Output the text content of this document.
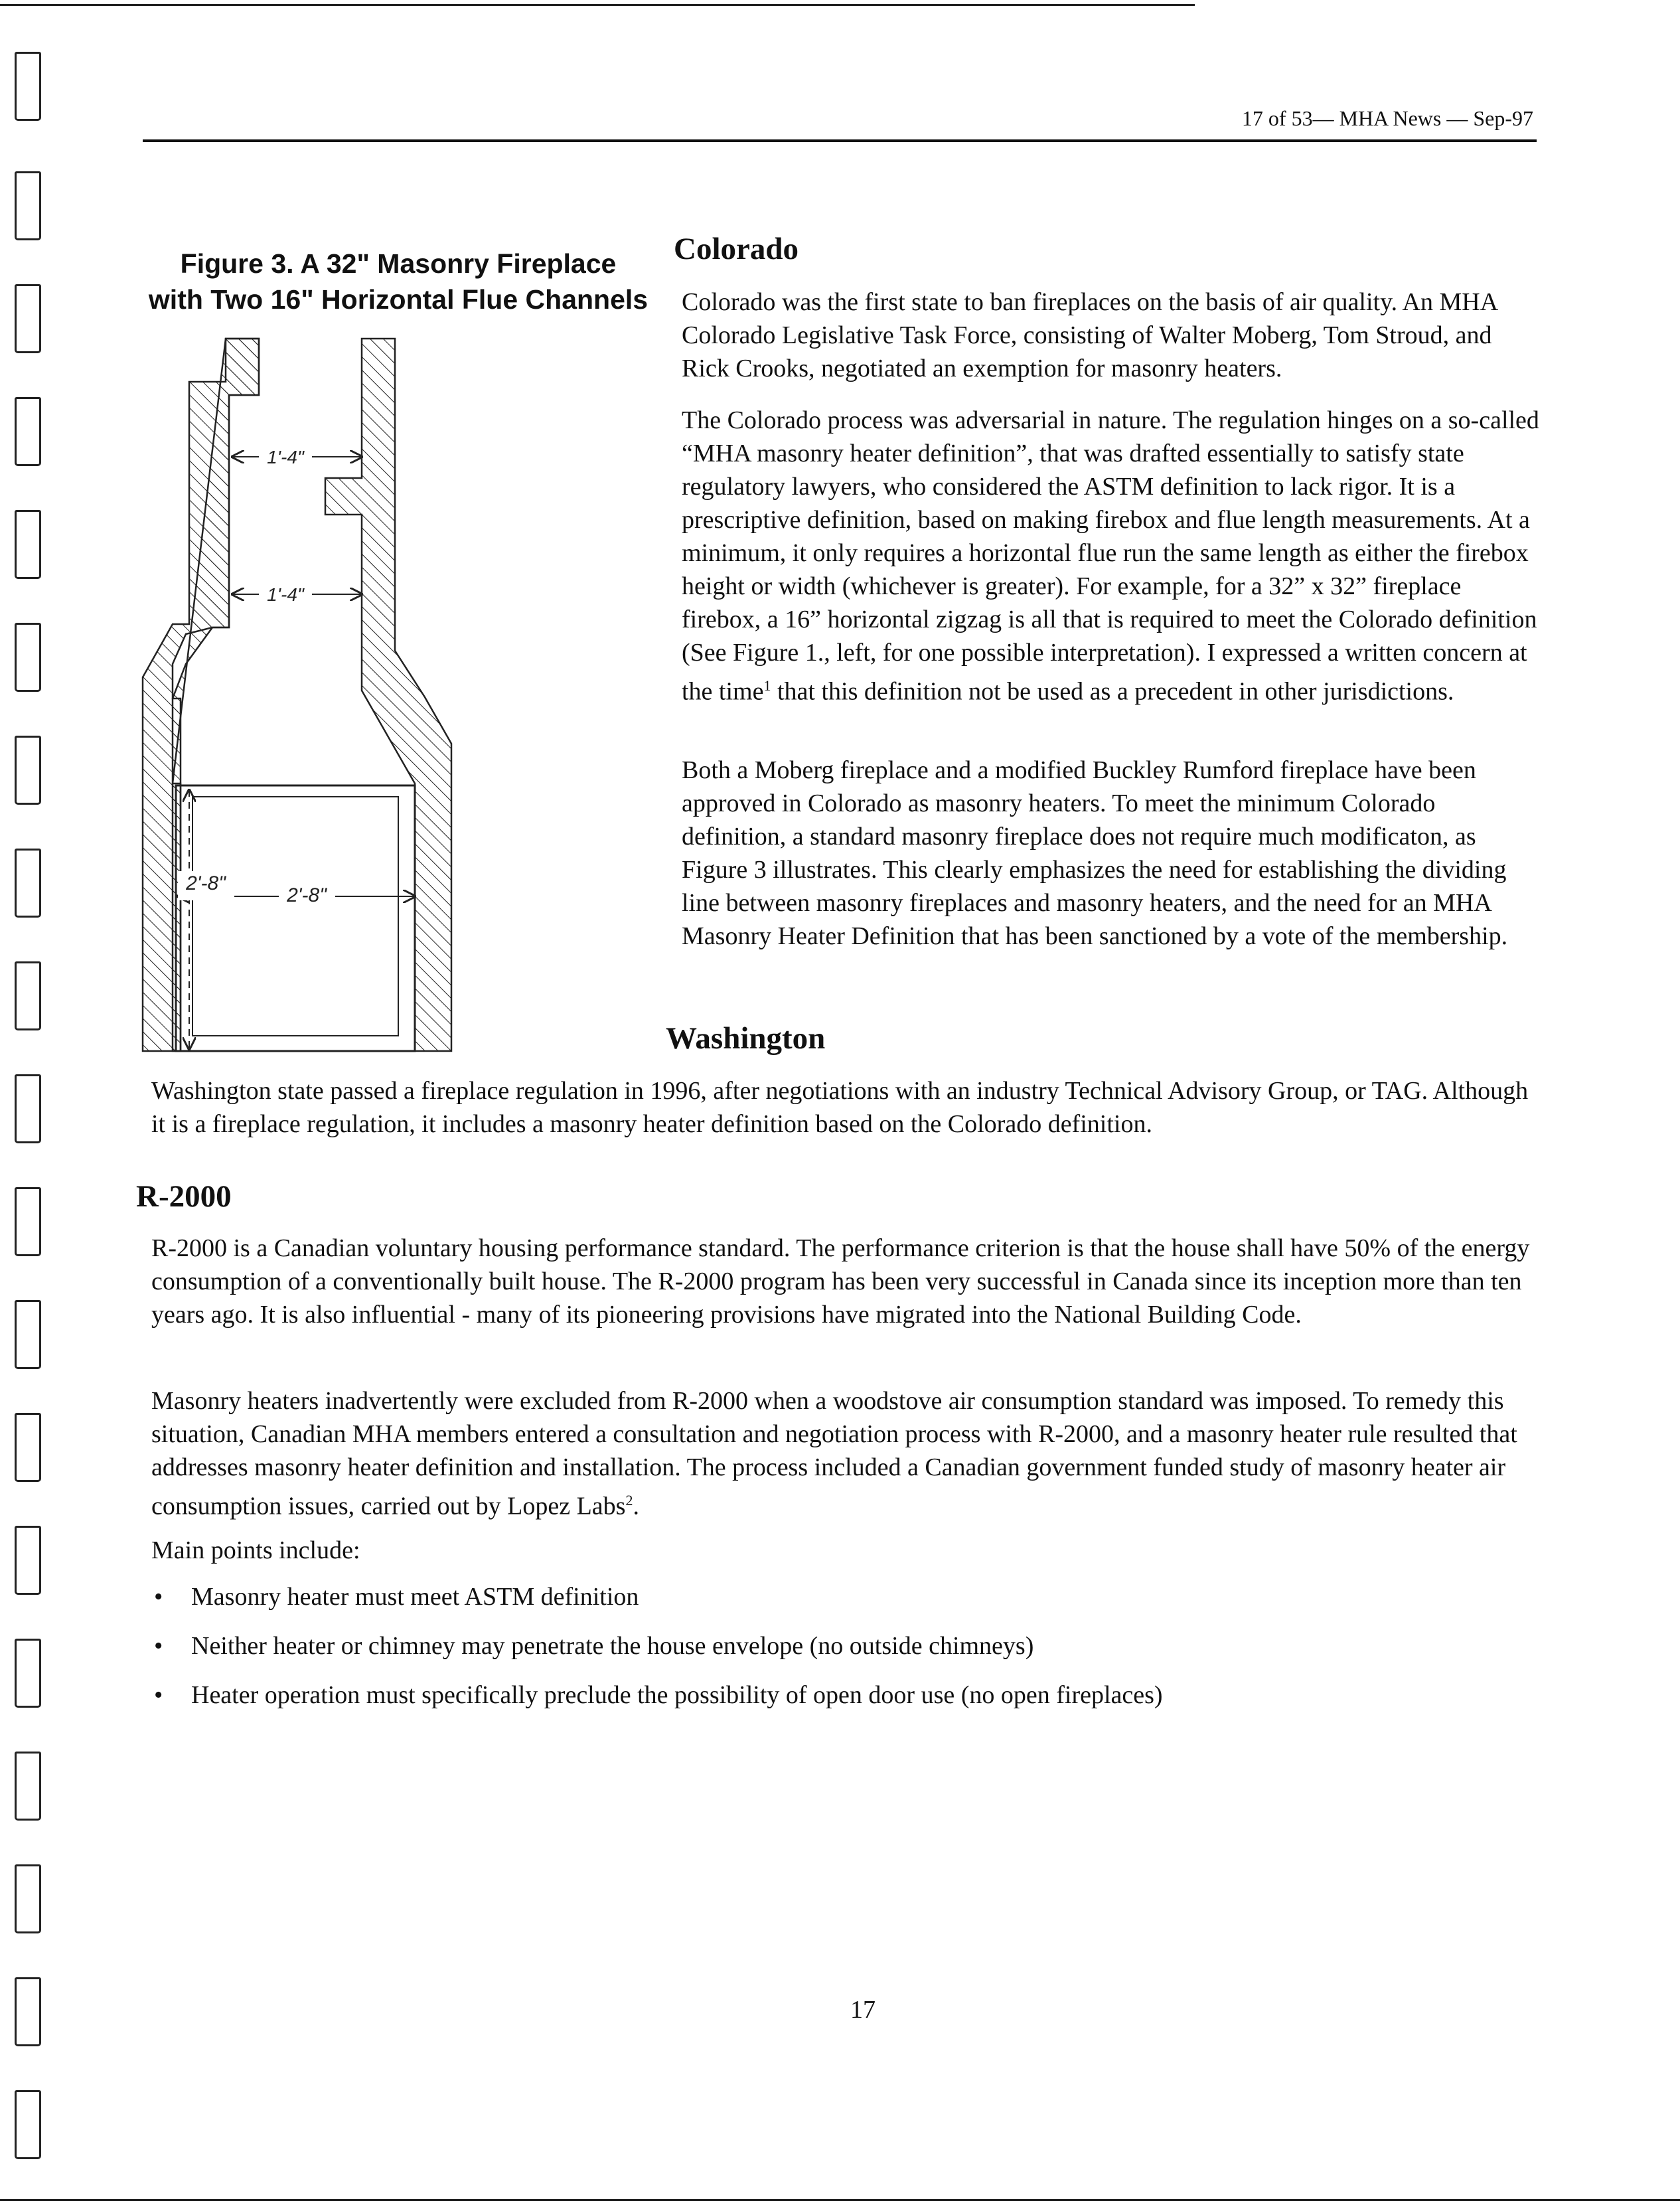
17 of 53— MHA News — Sep-97
Figure 3. A 32" Masonry Fireplace
with Two 16" Horizontal Flue Channels
1'-4"
1'-4"
2'-8"
2'-8"
Colorado

Colorado was the first state to ban fireplaces on the basis of air quality. An MHA Colorado Legislative Task Force, consisting of Walter Moberg, Tom Stroud, and Rick Crooks, negotiated an exemption for masonry heaters.

The Colorado process was adversarial in nature. The regulation hinges on a so-called “MHA masonry heater definition”, that was drafted essentially to satisfy state regulatory lawyers, who considered the ASTM definition to lack rigor. It is a prescriptive definition, based on making firebox and flue length measurements. At a minimum, it only requires a horizontal flue run the same length as either the firebox height or width (whichever is greater). For example, for a 32” x 32” fireplace firebox, a 16” horizontal zigzag is all that is required to meet the Colorado definition (See Figure 1., left, for one possible interpretation). I expressed a written concern at the time$^1$ that this definition not be used as a precedent in other jurisdictions.

Both a Moberg fireplace and a modified Buckley Rumford fireplace have been approved in Colorado as masonry heaters. To meet the minimum Colorado definition, a standard masonry fireplace does not require much modificaton, as Figure 3 illustrates. This clearly emphasizes the need for establishing the dividing line between masonry fireplaces and masonry heaters, and the need for an MHA Masonry Heater Definition that has been sanctioned by a vote of the membership.

Washington

Washington state passed a fireplace regulation in 1996, after negotiations with an industry Technical Advisory Group, or TAG. Although it is a fireplace regulation, it includes a masonry heater definition based on the Colorado definition.

R-2000

R-2000 is a Canadian voluntary housing performance standard. The performance criterion is that the house shall have 50% of the energy consumption of a conventionally built house. The R-2000 program has been very successful in Canada since its inception more than ten years ago. It is also influential - many of its pioneering provisions have migrated into the National Building Code.

Masonry heaters inadvertently were excluded from R-2000 when a woodstove air consumption standard was imposed. To remedy this situation, Canadian MHA members entered a consultation and negotiation process with R-2000, and a masonry heater rule resulted that addresses masonry heater definition and installation. The process included a Canadian government funded study of masonry heater air consumption issues, carried out by Lopez Labs$^2$.

Main points include:

• Masonry heater must meet ASTM definition
• Neither heater or chimney may penetrate the house envelope (no outside chimneys)
• Heater operation must specifically preclude the possibility of open door use (no open fireplaces)
17
